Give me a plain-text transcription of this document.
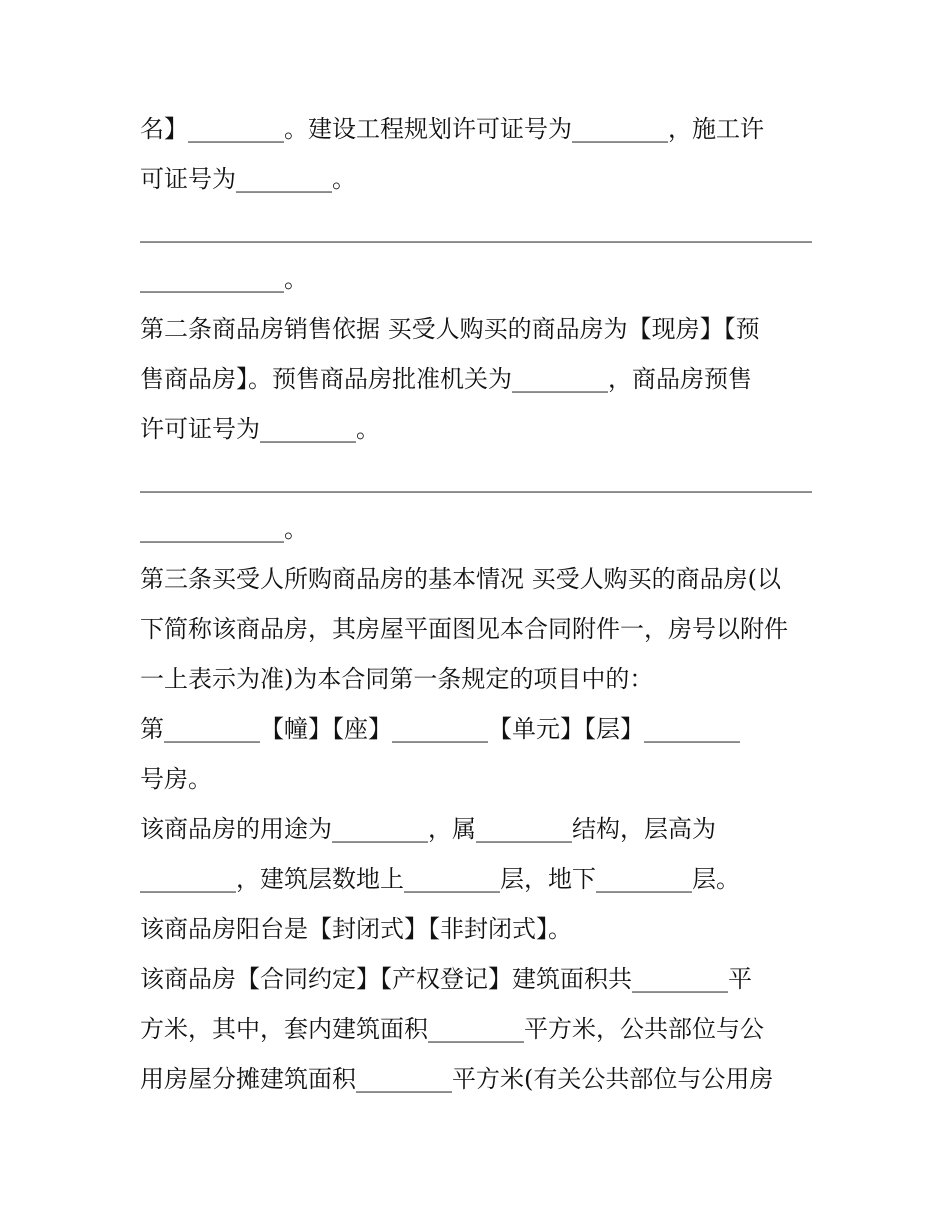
名】________。建设工程规划许可证号为________，施工许
可证号为________。
________________________________________________________
____________。
第二条商品房销售依据 买受人购买的商品房为【现房】【预
售商品房】。预售商品房批准机关为________，商品房预售
许可证号为________。
________________________________________________________
____________。
第三条买受人所购商品房的基本情况 买受人购买的商品房(以
下简称该商品房，其房屋平面图见本合同附件一，房号以附件
一上表示为准)为本合同第一条规定的项目中的：
第________【幢】【座】________【单元】【层】________
号房。
该商品房的用途为________，属________结构，层高为
________，建筑层数地上________层，地下________层。
该商品房阳台是【封闭式】【非封闭式】。
该商品房【合同约定】【产权登记】建筑面积共________平
方米，其中，套内建筑面积________平方米，公共部位与公
用房屋分摊建筑面积________平方米(有关公共部位与公用房
